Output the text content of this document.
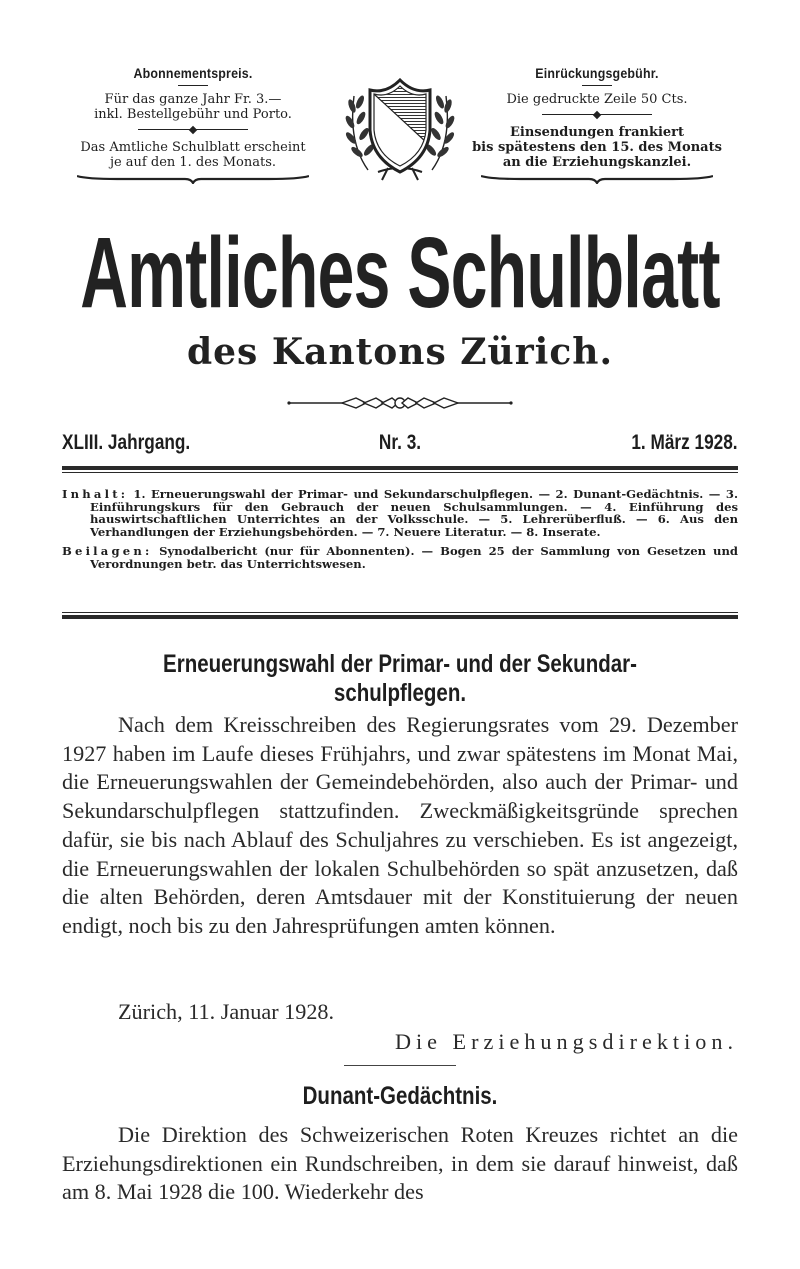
Abonnementspreis.

Für das ganze Jahr Fr. 3.—

inkl. Bestellgebühr und Porto.

Das Amtliche Schulblatt erscheint

je auf den 1. des Monats.

Einrückungsgebühr.

Die gedruckte Zeile 50 Cts.

Einsendungen frankiert

bis spätestens den 15. des Monats

an die Erziehungskanzlei.

Amtliches Schulblatt
des Kantons Zürich.
XLIII. Jahrgang.	Nr. 3.	1. März 1928.

Inhalt: 1. Erneuerungswahl der Primar- und Sekundarschulpflegen. — 2. Dunant-Gedächtnis. — 3. Einführungskurs für den Gebrauch der neuen Schulsammlungen. — 4. Einführung des hauswirtschaftlichen Unterrichtes an der Volksschule. — 5. Lehrerüberfluß. — 6. Aus den Verhandlungen der Erziehungsbehörden. — 7. Neuere Literatur. — 8. Inserate.

Beilagen: Synodalbericht (nur für Abonnenten). — Bogen 25 der Sammlung von Gesetzen und Verordnungen betr. das Unterrichtswesen.

Erneuerungswahl der Primar- und der Sekundar-
schulpflegen.

Nach dem Kreisschreiben des Regierungsrates vom 29. Dezember 1927 haben im Laufe dieses Frühjahrs, und zwar spätestens im Monat Mai, die Erneuerungswahlen der Gemeindebehörden, also auch der Primar- und Sekundarschulpflegen stattzufinden. Zweckmäßigkeitsgründe sprechen dafür, sie bis nach Ablauf des Schuljahres zu verschieben. Es ist angezeigt, die Erneuerungswahlen der lokalen Schulbehörden so spät anzusetzen, daß die alten Behörden, deren Amtsdauer mit der Konstituierung der neuen endigt, noch bis zu den Jahresprüfungen amten können.

Zürich, 11. Januar 1928.
Die Erziehungsdirektion.
Dunant-Gedächtnis.

Die Direktion des Schweizerischen Roten Kreuzes richtet an die Erziehungsdirektionen ein Rundschreiben, in dem sie darauf hinweist, daß am 8. Mai 1928 die 100. Wiederkehr des
